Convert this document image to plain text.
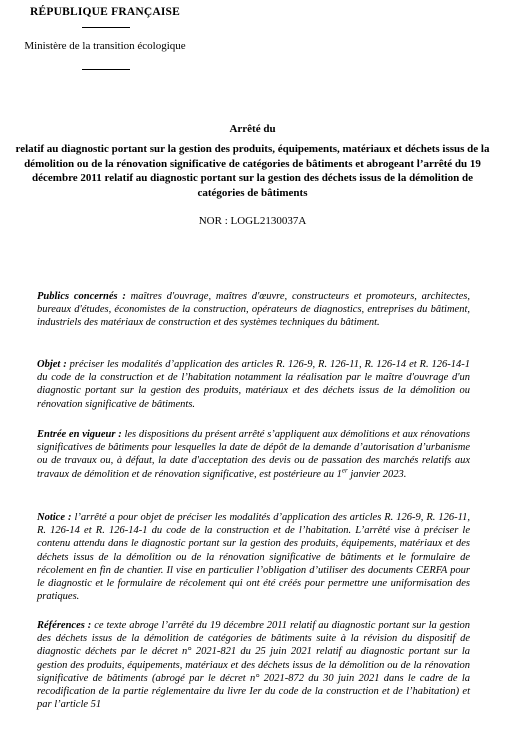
RÉPUBLIQUE FRANÇAISE
Ministère de la transition écologique
Arrêté du
relatif au diagnostic portant sur la gestion des produits, équipements, matériaux et déchets issus de la démolition ou de la rénovation significative de catégories de bâtiments et abrogeant l’arrêté du 19 décembre 2011 relatif au diagnostic portant sur la gestion des déchets issus de la démolition de catégories de bâtiments
NOR : LOGL2130037A
Publics concernés : maîtres d'ouvrage, maîtres d'œuvre, constructeurs et promoteurs, architectes, bureaux d'études, économistes de la construction, opérateurs de diagnostics, entreprises du bâtiment, industriels des matériaux de construction et des systèmes techniques du bâtiment.
Objet : préciser les modalités d’application des articles R. 126-9, R. 126-11, R. 126-14 et R. 126-14-1 du code de la construction et de l’habitation notamment la réalisation par le maître d'ouvrage d'un diagnostic portant sur la gestion des produits, matériaux et des déchets issus de la démolition ou rénovation significative de bâtiments.
Entrée en vigueur : les dispositions du présent arrêté s’appliquent aux démolitions et aux rénovations significatives de bâtiments pour lesquelles la date de dépôt de la demande d’autorisation d’urbanisme ou de travaux ou, à défaut, la date d'acceptation des devis ou de passation des marchés relatifs aux travaux de démolition et de rénovation significative, est postérieure au 1er janvier 2023.
Notice : l’arrêté a pour objet de préciser les modalités d’application des articles R. 126-9, R. 126-11, R. 126-14 et R. 126-14-1 du code de la construction et de l’habitation. L’arrêté vise à préciser le contenu attendu dans le diagnostic portant sur la gestion des produits, équipements, matériaux et des déchets issus de la démolition ou de la rénovation significative de bâtiments et le formulaire de récolement en fin de chantier. Il vise en particulier l’obligation d’utiliser des documents CERFA pour le diagnostic et le formulaire de récolement qui ont été créés pour permettre une uniformisation des pratiques.
Références : ce texte abroge l’arrêté du 19 décembre 2011 relatif au diagnostic portant sur la gestion des déchets issus de la démolition de catégories de bâtiments suite à la révision du dispositif de diagnostic déchets par le décret n° 2021-821 du 25 juin 2021 relatif au diagnostic portant sur la gestion des produits, équipements, matériaux et des déchets issus de la démolition ou de la rénovation significative de bâtiments (abrogé par le décret n° 2021-872 du 30 juin 2021 dans le cadre de la recodification de la partie réglementaire du livre Ier du code de la construction et de l’habitation) et par l’article 51
